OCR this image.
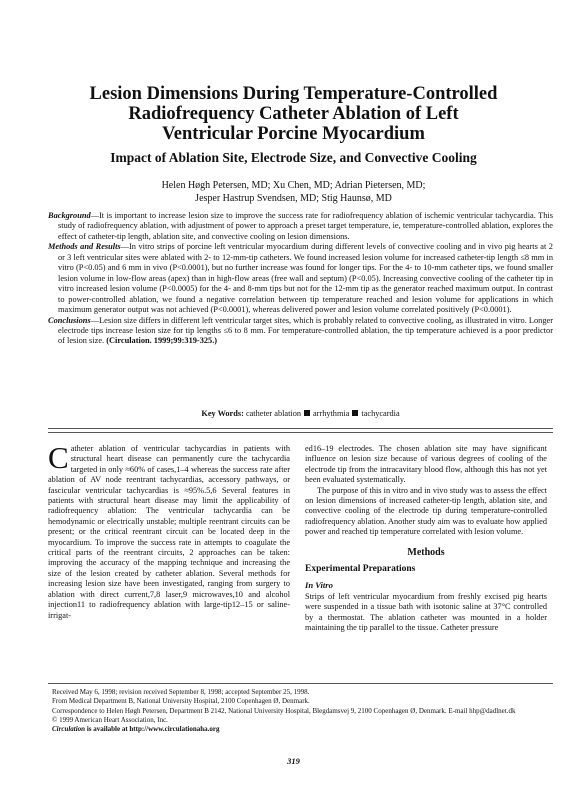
Lesion Dimensions During Temperature-Controlled
Radiofrequency Catheter Ablation of Left
Ventricular Porcine Myocardium
Impact of Ablation Site, Electrode Size, and Convective Cooling
Helen Høgh Petersen, MD; Xu Chen, MD; Adrian Pietersen, MD;
Jesper Hastrup Svendsen, MD; Stig Haunsø, MD

Background—It is important to increase lesion size to improve the success rate for radiofrequency ablation of ischemic ventricular tachycardia. This study of radiofrequency ablation, with adjustment of power to approach a preset target temperature, ie, temperature-controlled ablation, explores the effect of catheter-tip length, ablation site, and convective cooling on lesion dimensions.

Methods and Results—In vitro strips of porcine left ventricular myocardium during different levels of convective cooling and in vivo pig hearts at 2 or 3 left ventricular sites were ablated with 2- to 12-mm-tip catheters. We found increased lesion volume for increased catheter-tip length ≤8 mm in vitro (P<0.05) and 6 mm in vivo (P<0.0001), but no further increase was found for longer tips. For the 4- to 10-mm catheter tips, we found smaller lesion volume in low-flow areas (apex) than in high-flow areas (free wall and septum) (P<0.05). Increasing convective cooling of the catheter tip in vitro increased lesion volume (P<0.0005) for the 4- and 8-mm tips but not for the 12-mm tip as the generator reached maximum output. In contrast to power-controlled ablation, we found a negative correlation between tip temperature reached and lesion volume for applications in which maximum generator output was not achieved (P<0.0001), whereas delivered power and lesion volume correlated positively (P<0.0001).

Conclusions—Lesion size differs in different left ventricular target sites, which is probably related to convective cooling, as illustrated in vitro. Longer electrode tips increase lesion size for tip lengths ≤6 to 8 mm. For temperature-controlled ablation, the tip temperature achieved is a poor predictor of lesion size. (Circulation. 1999;99:319-325.)

Key Words: catheter ablation arrhythmia tachycardia

Catheter ablation of ventricular tachycardias in patients with structural heart disease can permanently cure the tachycardia targeted in only ≈60% of cases,1–4 whereas the success rate after ablation of AV node reentrant tachycardias, accessory pathways, or fascicular ventricular tachycardias is ≈95%.5,6 Several features in patients with structural heart disease may limit the applicability of radiofrequency ablation: The ventricular tachycardia can be hemodynamic or electrically unstable; multiple reentrant circuits can be present; or the critical reentrant circuit can be located deep in the myocardium. To improve the success rate in attempts to coagulate the critical parts of the reentrant circuits, 2 approaches can be taken: improving the accuracy of the mapping technique and increasing the size of the lesion created by catheter ablation. Several methods for increasing lesion size have been investigated, ranging from surgery to ablation with direct current,7,8 laser,9 microwaves,10 and alcohol injection11 to radiofrequency ablation with large-tip12–15 or saline-irrigat-

ed16–19 electrodes. The chosen ablation site may have significant influence on lesion size because of various degrees of cooling of the electrode tip from the intracavitary blood flow, although this has not yet been evaluated systematically.

The purpose of this in vitro and in vivo study was to assess the effect on lesion dimensions of increased catheter-tip length, ablation site, and convective cooling of the electrode tip during temperature-controlled radiofrequency ablation. Another study aim was to evaluate how applied power and reached tip temperature correlated with lesion volume.

Methods

Experimental Preparations

In Vitro

Strips of left ventricular myocardium from freshly excised pig hearts were suspended in a tissue bath with isotonic saline at 37°C controlled by a thermostat. The ablation catheter was mounted in a holder maintaining the tip parallel to the tissue. Catheter pressure

Received May 6, 1998; revision received September 8, 1998; accepted September 25, 1998.

From Medical Department B, National University Hospital, 2100 Copenhagen Ø, Denmark.

Correspondence to Helen Høgh Petersen, Department B 2142, National University Hospital, Blegdamsvej 9, 2100 Copenhagen Ø, Denmark. E-mail hhp@dadlnet.dk

© 1999 American Heart Association, Inc.

Circulation is available at http://www.circulationaha.org

319
